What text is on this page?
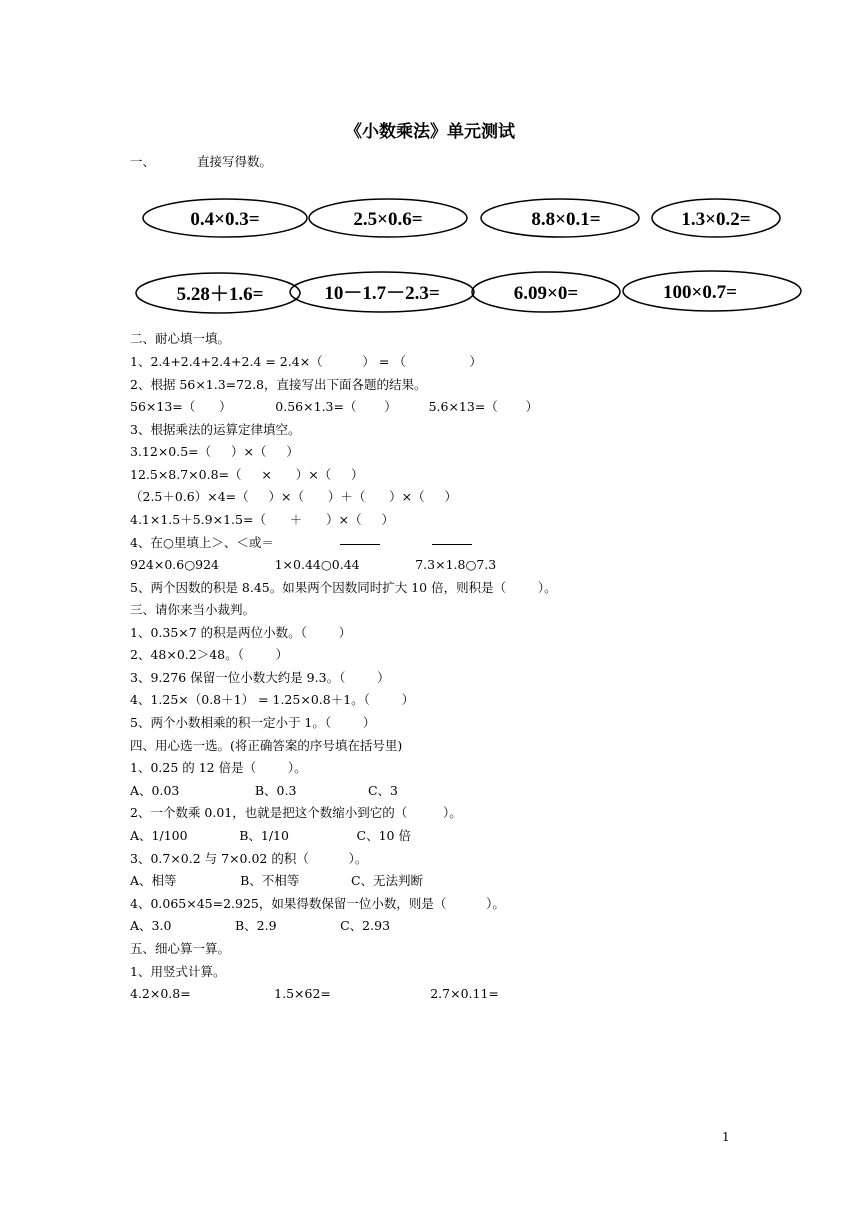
《小数乘法》单元测试
一、	直接写得数。
0.4×0.3=	2.5×0.6=	8.8×0.1=	1.3×0.2=
5.28＋1.6=	10－1.7－2.3=	6.09×0=	100×0.7=
二、耐心填一填。
1、2.4+2.4+2.4+2.4 = 2.4×（          ） = （                ）
2、根据 56×1.3=72.8，直接写出下面各题的结果。
56×13=（      ）           0.56×1.3=（       ）        5.6×13=（       ）
3、根据乘法的运算定律填空。
3.12×0.5=（     ）×（     ）
12.5×8.7×0.8=（     ×      ）×（     ）
（2.5＋0.6）×4=（     ）×（      ）＋（      ）×（     ）
4.1×1.5＋5.9×1.5=（      ＋      ）×（     ）
4、在○里填上＞、＜或＝
924×0.6○924              1×0.44○0.44              7.3×1.8○7.3
5、两个因数的积是 8.45。如果两个因数同时扩大 10 倍，则积是（        ）。
三、请你来当小裁判。
1、0.35×7 的积是两位小数。（        ）
2、48×0.2＞48。（        ）
3、9.276 保留一位小数大约是 9.3。（        ）
4、1.25×（0.8＋1） = 1.25×0.8＋1。（        ）
5、两个小数相乘的积一定小于 1。（        ）
四、用心选一选。(将正确答案的序号填在括号里)
1、0.25 的 12 倍是（        ）。
A、0.03                   B、0.3                  C、3
2、一个数乘 0.01，也就是把这个数缩小到它的（         ）。
A、1/100             B、1/10                 C、10 倍
3、0.7×0.2 与 7×0.02 的积（          ）。
A、相等                B、不相等             C、无法判断
4、0.065×45=2.925，如果得数保留一位小数，则是（          ）。
A、3.0                B、2.9                C、2.93
五、细心算一算。
1、用竖式计算。
4.2×0.8=                     1.5×62=                         2.7×0.11=
1
